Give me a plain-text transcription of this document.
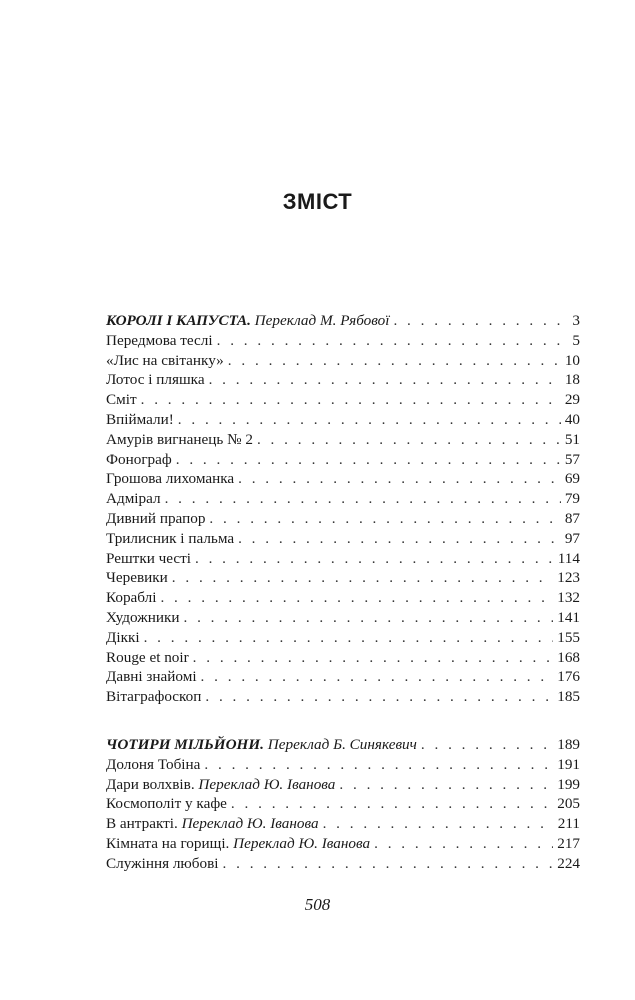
ЗМІСТ
КОРОЛІ І КАПУСТА. Переклад М. Рябової . . .	3
Передмова теслі . . .	5
«Лис на світанку» . . .	10
Лотос і пляшка . . .	18
Сміт . . .	29
Впіймали! . . .	40
Амурів вигнанець № 2 . . .	51
Фонограф . . .	57
Грошова лихоманка . . .	69
Адмірал . . .	79
Дивний прапор . . .	87
Трилисник і пальма . . .	97
Рештки честі . . .	114
Черевики . . .	123
Кораблі . . .	132
Художники . . .	141
Діккі . . .	155
Rouge et noir . . .	168
Давні знайомі . . .	176
Вітаграфоскоп . . .	185
ЧОТИРИ МІЛЬЙОНИ. Переклад Б. Синякевич . . .	189
Долоня Тобіна . . .	191
Дари волхвів. Переклад Ю. Іванова . . .	199
Космополіт у кафе . . .	205
В антракті. Переклад Ю. Іванова . . .	211
Кімната на горищі. Переклад Ю. Іванова . . .	217
Служіння любові . . .	224
508
